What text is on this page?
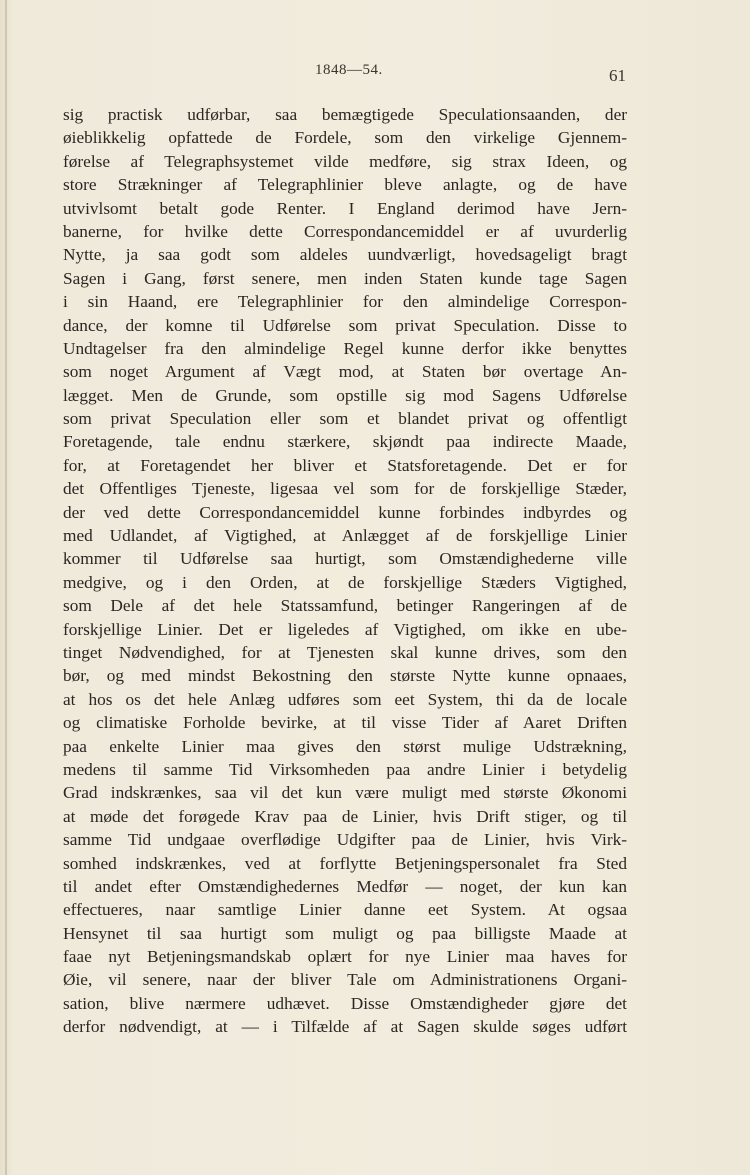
1848—54.	61
sig practisk udførbar, saa bemægtigede Speculationsaanden, der
øieblikkelig opfattede de Fordele, som den virkelige Gjennem-
førelse af Telegraphsystemet vilde medføre, sig strax Ideen, og
store Strækninger af Telegraphlinier bleve anlagte, og de have
utvivlsomt betalt gode Renter. I England derimod have Jern-
banerne, for hvilke dette Correspondancemiddel er af uvurderlig
Nytte, ja saa godt som aldeles uundværligt, hovedsageligt bragt
Sagen i Gang, først senere, men inden Staten kunde tage Sagen
i sin Haand, ere Telegraphlinier for den almindelige Correspon-
dance, der komne til Udførelse som privat Speculation. Disse to
Undtagelser fra den almindelige Regel kunne derfor ikke benyttes
som noget Argument af Vægt mod, at Staten bør overtage An-
lægget. Men de Grunde, som opstille sig mod Sagens Udførelse
som privat Speculation eller som et blandet privat og offentligt
Foretagende, tale endnu stærkere, skjøndt paa indirecte Maade,
for, at Foretagendet her bliver et Statsforetagende. Det er for
det Offentliges Tjeneste, ligesaa vel som for de forskjellige Stæder,
der ved dette Correspondancemiddel kunne forbindes indbyrdes og
med Udlandet, af Vigtighed, at Anlægget af de forskjellige Linier
kommer til Udførelse saa hurtigt, som Omstændighederne ville
medgive, og i den Orden, at de forskjellige Stæders Vigtighed,
som Dele af det hele Statssamfund, betinger Rangeringen af de
forskjellige Linier. Det er ligeledes af Vigtighed, om ikke en ube-
tinget Nødvendighed, for at Tjenesten skal kunne drives, som den
bør, og med mindst Bekostning den største Nytte kunne opnaaes,
at hos os det hele Anlæg udføres som eet System, thi da de locale
og climatiske Forholde bevirke, at til visse Tider af Aaret Driften
paa enkelte Linier maa gives den størst mulige Udstrækning,
medens til samme Tid Virksomheden paa andre Linier i betydelig
Grad indskrænkes, saa vil det kun være muligt med største Økonomi
at møde det forøgede Krav paa de Linier, hvis Drift stiger, og til
samme Tid undgaae overflødige Udgifter paa de Linier, hvis Virk-
somhed indskrænkes, ved at forflytte Betjeningspersonalet fra Sted
til andet efter Omstændighedernes Medfør — noget, der kun kan
effectueres, naar samtlige Linier danne eet System. At ogsaa
Hensynet til saa hurtigt som muligt og paa billigste Maade at
faae nyt Betjeningsmandskab oplært for nye Linier maa haves for
Øie, vil senere, naar der bliver Tale om Administrationens Organi-
sation, blive nærmere udhævet. Disse Omstændigheder gjøre det
derfor nødvendigt, at — i Tilfælde af at Sagen skulde søges udført
